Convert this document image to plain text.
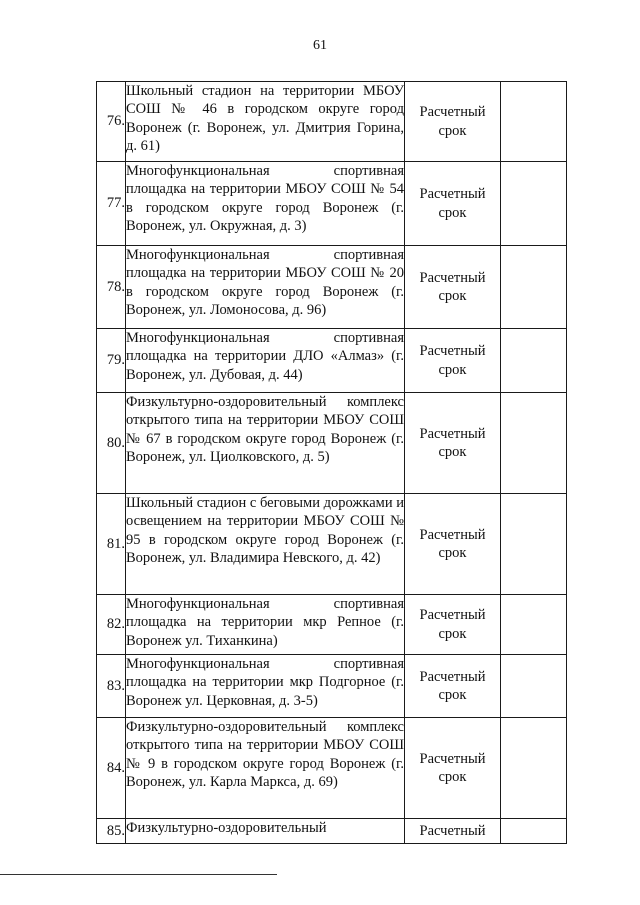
61
76.	Школьный стадион на территории МБОУ СОШ № 46 в городском округе город Воронеж (г. Воронеж, ул. Дмитрия Горина, д. 61)	Расчетный
срок	

77.	Многофункциональная спортивная площадка на территории МБОУ СОШ № 54 в городском округе город Воронеж (г. Воронеж, ул. Окружная, д. 3)	Расчетный
срок	

78.	Многофункциональная спортивная площадка на территории МБОУ СОШ № 20 в городском округе город Воронеж (г. Воронеж, ул. Ломоносова, д. 96)	Расчетный
срок	

79.	Многофункциональная спортивная площадка на территории ДЛО «Алмаз» (г. Воронеж, ул. Дубовая, д. 44)	Расчетный
срок	

80.	Физкультурно-оздоровительный комплекс открытого типа на территории МБОУ СОШ № 67 в городском округе город Воронеж (г. Воронеж, ул. Циолковского, д. 5)	Расчетный
срок	

81.	Школьный стадион с беговыми дорожками и освещением на территории МБОУ СОШ № 95 в городском округе город Воронеж (г. Воронеж, ул. Владимира Невского, д. 42)	Расчетный
срок	

82.	Многофункциональная спортивная площадка на территории мкр Репное (г. Воронеж ул. Тиханкина)	Расчетный
срок	

83.	Многофункциональная спортивная площадка на территории мкр Подгорное (г. Воронеж ул. Церковная, д. 3-5)	Расчетный
срок	

84.	Физкультурно-оздоровительный комплекс открытого типа на территории МБОУ СОШ № 9 в городском округе город Воронеж (г. Воронеж, ул. Карла Маркса, д. 69)	Расчетный
срок	

85.	Физкультурно-оздоровительный	Расчетный	
